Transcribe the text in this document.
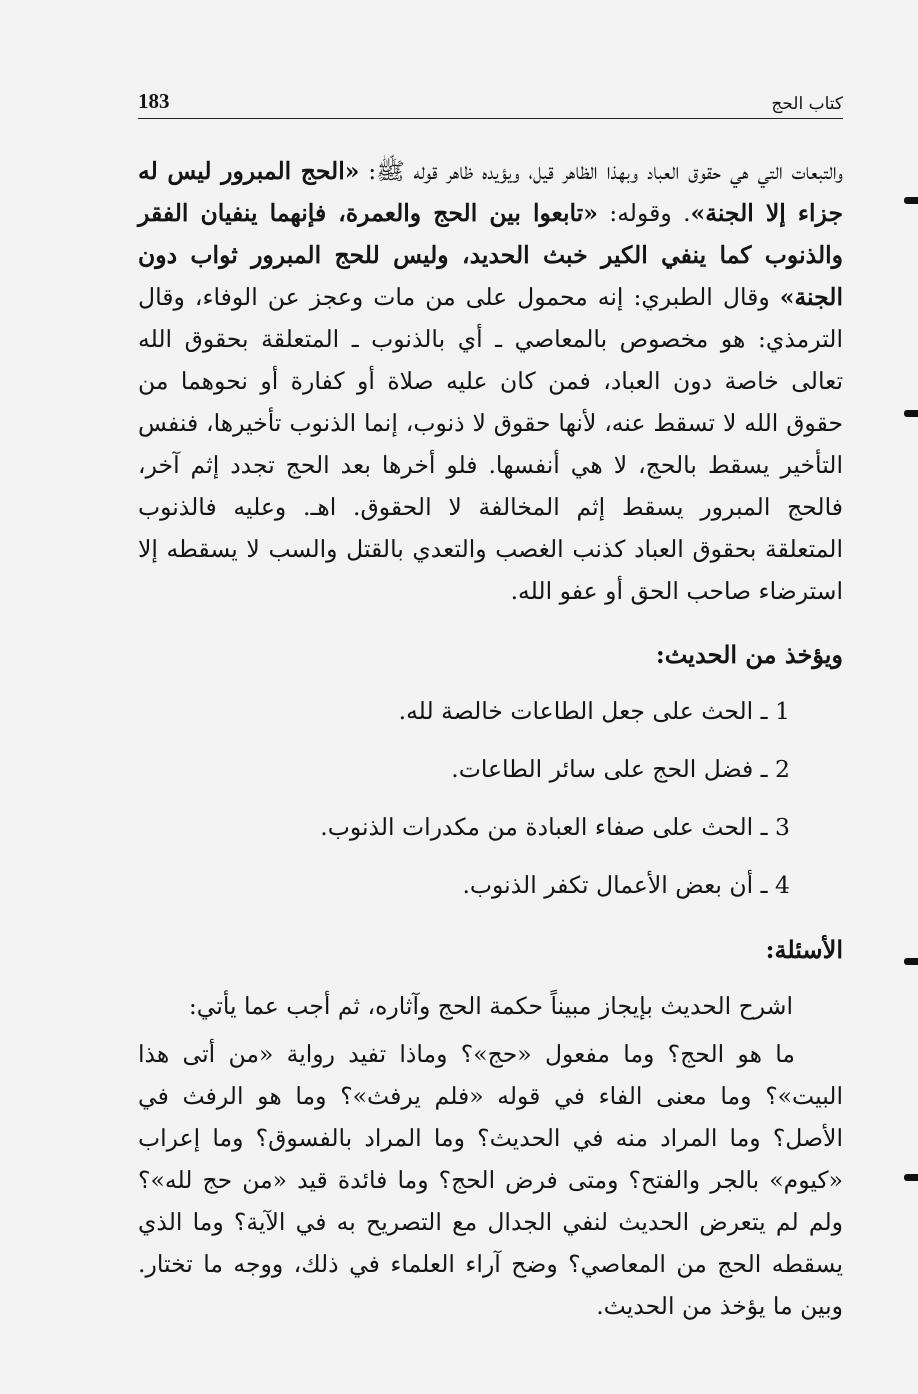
183	كتاب الحج

والتبعات التي هي حقوق العباد وبهذا الظاهر قيل، ويؤيده ظاهر قوله ﷺ: «الحج المبرور ليس له جزاء إلا الجنة». وقوله: «تابعوا بين الحج والعمرة، فإنهما ينفيان الفقر والذنوب كما ينفي الكير خبث الحديد، وليس للحج المبرور ثواب دون الجنة» وقال الطبري: إنه محمول على من مات وعجز عن الوفاء، وقال الترمذي: هو مخصوص بالمعاصي ـ أي بالذنوب ـ المتعلقة بحقوق الله تعالى خاصة دون العباد، فمن كان عليه صلاة أو كفارة أو نحوهما من حقوق الله لا تسقط عنه، لأنها حقوق لا ذنوب، إنما الذنوب تأخيرها، فنفس التأخير يسقط بالحج، لا هي أنفسها. فلو أخرها بعد الحج تجدد إثم آخر، فالحج المبرور يسقط إثم المخالفة لا الحقوق. اهـ. وعليه فالذنوب المتعلقة بحقوق العباد كذنب الغصب والتعدي بالقتل والسب لا يسقطه إلا استرضاء صاحب الحق أو عفو الله.

ويؤخذ من الحديث:
1 ـ الحث على جعل الطاعات خالصة لله.
2 ـ فضل الحج على سائر الطاعات.
3 ـ الحث على صفاء العبادة من مكدرات الذنوب.
4 ـ أن بعض الأعمال تكفر الذنوب.
الأسئلة:
اشرح الحديث بإيجاز مبيناً حكمة الحج وآثاره، ثم أجب عما يأتي:
ما هو الحج؟ وما مفعول «حج»؟ وماذا تفيد رواية «من أتى هذا البيت»؟ وما معنى الفاء في قوله «فلم يرفث»؟ وما هو الرفث في الأصل؟ وما المراد منه في الحديث؟ وما المراد بالفسوق؟ وما إعراب «كيوم» بالجر والفتح؟ ومتى فرض الحج؟ وما فائدة قيد «من حج لله»؟ ولم لم يتعرض الحديث لنفي الجدال مع التصريح به في الآية؟ وما الذي يسقطه الحج من المعاصي؟ وضح آراء العلماء في ذلك، ووجه ما تختار. وبين ما يؤخذ من الحديث.
